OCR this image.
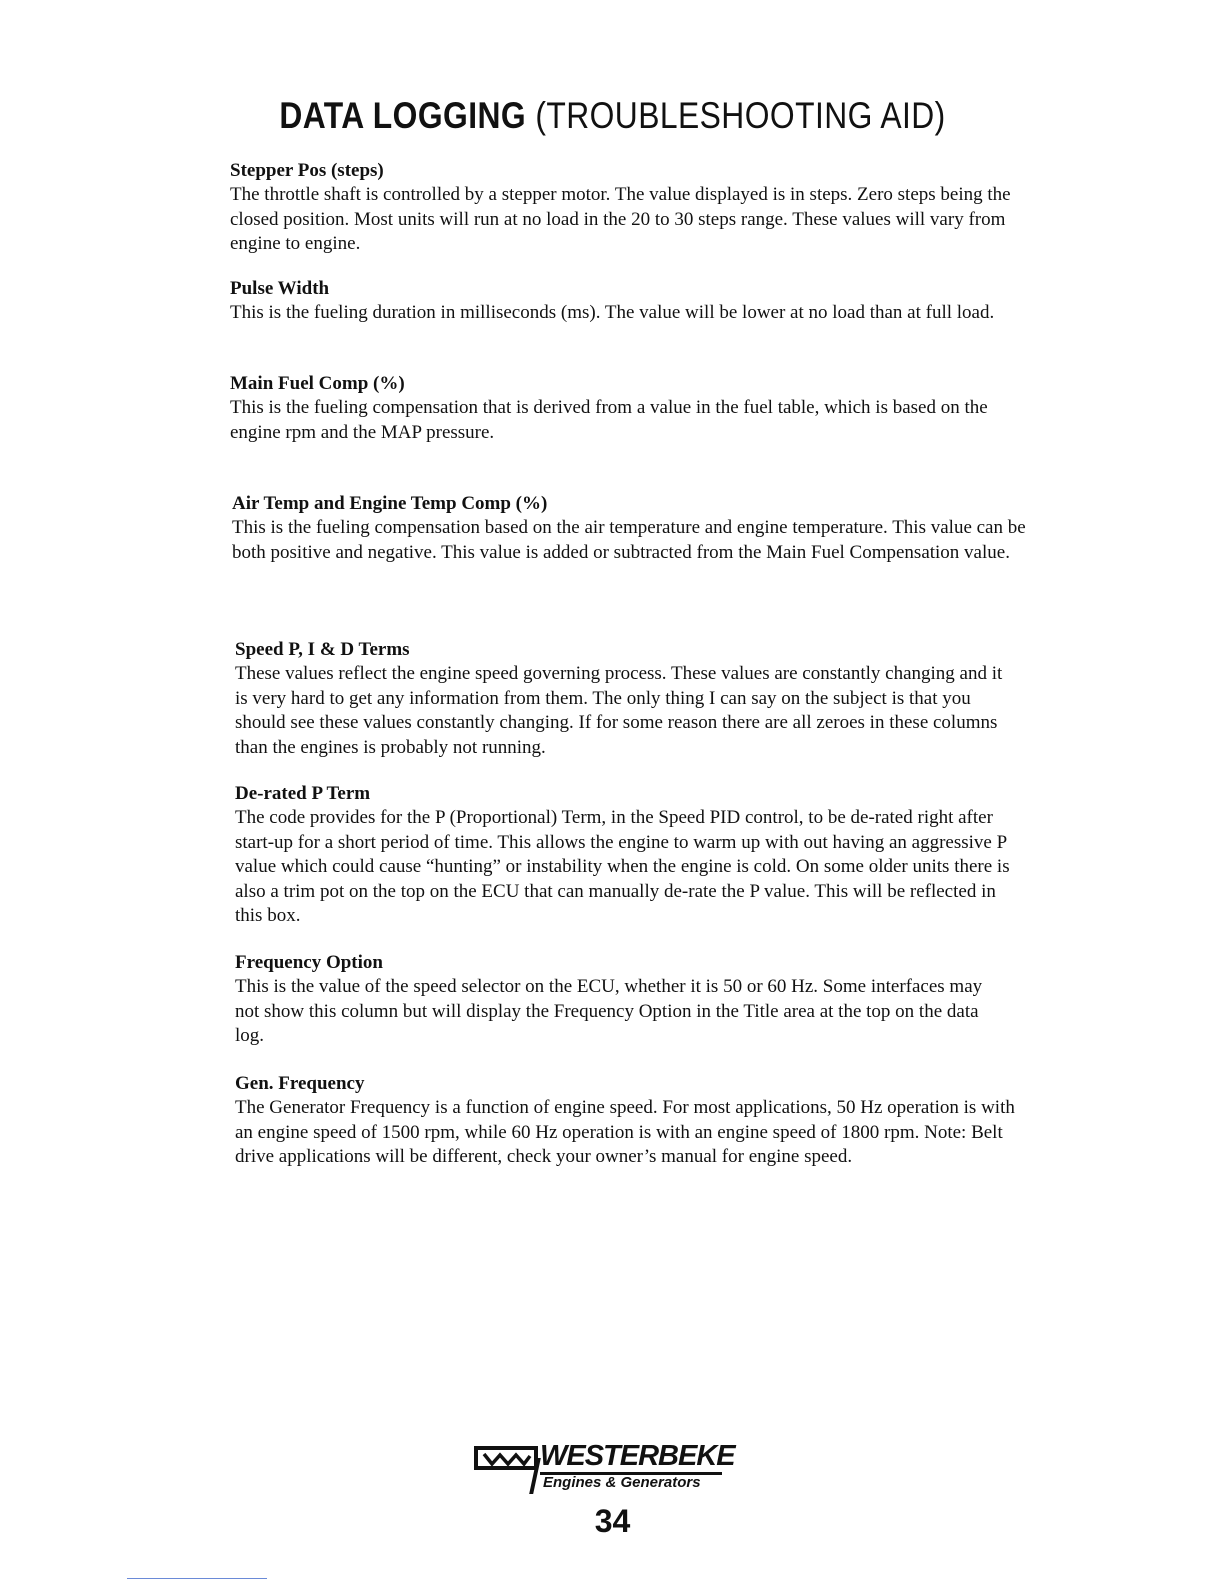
DATA LOGGING (TROUBLESHOOTING AID)
Stepper Pos (steps)

The throttle shaft is controlled by a stepper motor. The value displayed is in steps. Zero steps being the closed position. Most units will run at no load in the 20 to 30 steps range. These values will vary from engine to engine.

Pulse Width

This is the fueling duration in milliseconds (ms). The value will be lower at no load than at full load.

Main Fuel Comp (%)

This is the fueling compensation that is derived from a value in the fuel table, which is based on the engine rpm and the MAP pressure.

Air Temp and Engine Temp Comp (%)

This is the fueling compensation based on the air temperature and engine temperature. This value can be both positive and negative. This value is added or subtracted from the Main Fuel Compensation value.

Speed P, I & D Terms

These values reflect the engine speed governing process. These values are constantly changing and it is very hard to get any information from them. The only thing I can say on the subject is that you should see these values constantly changing. If for some reason there are all zeroes in these columns than the engines is probably not running.

De-rated P Term

The code provides for the P (Proportional) Term, in the Speed PID control, to be de-rated right after start-up for a short period of time. This allows the engine to warm up with out having an aggressive P value which could cause “hunting” or instability when the engine is cold. On some older units there is also a trim pot on the top on the ECU that can manually de-rate the P value. This will be reflected in this box.

Frequency Option

This is the value of the speed selector on the ECU, whether it is 50 or 60 Hz. Some interfaces may not show this column but will display the Frequency Option in the Title area at the top on the data log.

Gen. Frequency

The Generator Frequency is a function of engine speed. For most applications, 50 Hz operation is with an engine speed of 1500 rpm, while 60 Hz operation is with an engine speed of 1800 rpm. Note: Belt drive applications will be different, check your owner’s manual for engine speed.

WESTERBEKE
Engines & Generators
34
